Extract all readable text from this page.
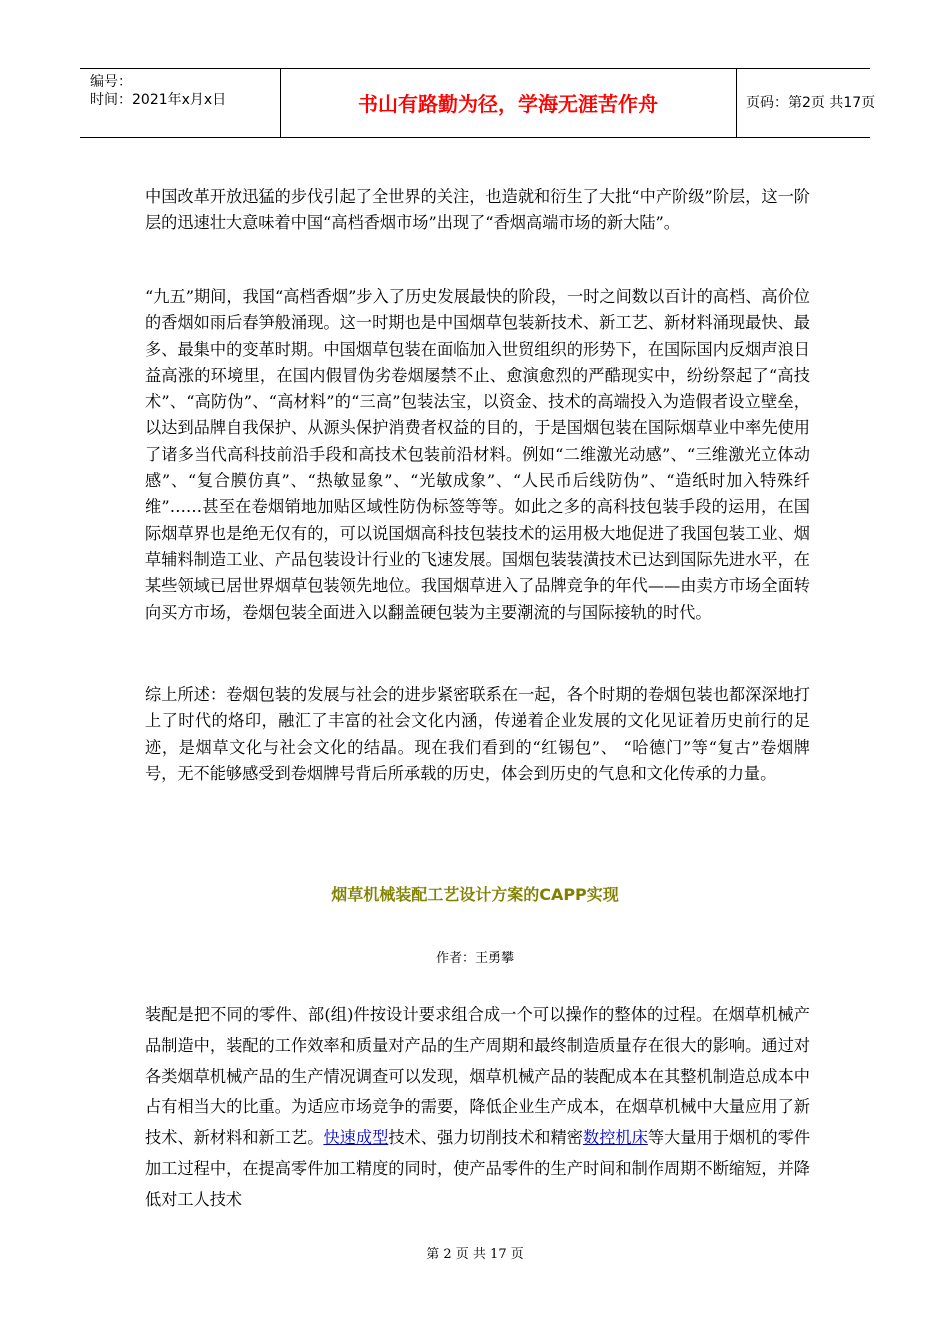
编号：
时间：2021年x月x日	书山有路勤为径，学海无涯苦作舟	页码：第2页 共17页

中国改革开放迅猛的步伐引起了全世界的关注，也造就和衍生了大批“中产阶级”阶层，这一阶层的迅速壮大意味着中国“高档香烟市场”出现了“香烟高端市场的新大陆”。

“九五”期间，我国“高档香烟”步入了历史发展最快的阶段，一时之间数以百计的高档、高价位的香烟如雨后春笋般涌现。这一时期也是中国烟草包装新技术、新工艺、新材料涌现最快、最多、最集中的变革时期。中国烟草包装在面临加入世贸组织的形势下，在国际国内反烟声浪日益高涨的环境里，在国内假冒伪劣卷烟屡禁不止、愈演愈烈的严酷现实中，纷纷祭起了“高技术”、“高防伪”、“高材料”的“三高”包装法宝，以资金、技术的高端投入为造假者设立壁垒，以达到品牌自我保护、从源头保护消费者权益的目的，于是国烟包装在国际烟草业中率先使用了诸多当代高科技前沿手段和高技术包装前沿材料。例如“二维激光动感”、“三维激光立体动感”、“复合膜仿真”、“热敏显象”、“光敏成象”、“人民币后线防伪”、“造纸时加入特殊纤维”……甚至在卷烟销地加贴区域性防伪标签等等。如此之多的高科技包装手段的运用，在国际烟草界也是绝无仅有的，可以说国烟高科技包装技术的运用极大地促进了我国包装工业、烟草辅料制造工业、产品包装设计行业的飞速发展。国烟包装装潢技术已达到国际先进水平，在某些领域已居世界烟草包装领先地位。我国烟草进入了品牌竞争的年代——由卖方市场全面转向买方市场，卷烟包装全面进入以翻盖硬包装为主要潮流的与国际接轨的时代。

综上所述：卷烟包装的发展与社会的进步紧密联系在一起，各个时期的卷烟包装也都深深地打上了时代的烙印，融汇了丰富的社会文化内涵，传递着企业发展的文化见证着历史前行的足迹，是烟草文化与社会文化的结晶。现在我们看到的“红锡包”、 “哈德门”等“复古”卷烟牌号，无不能够感受到卷烟牌号背后所承载的历史，体会到历史的气息和文化传承的力量。

烟草机械装配工艺设计方案的CAPP实现
作者：王勇攀

装配是把不同的零件、部(组)件按设计要求组合成一个可以操作的整体的过程。在烟草机械产品制造中，装配的工作效率和质量对产品的生产周期和最终制造质量存在很大的影响。通过对各类烟草机械产品的生产情况调查可以发现，烟草机械产品的装配成本在其整机制造总成本中占有相当大的比重。为适应市场竞争的需要，降低企业生产成本，在烟草机械中大量应用了新技术、新材料和新工艺。快速成型技术、强力切削技术和精密数控机床等大量用于烟机的零件加工过程中，在提高零件加工精度的同时，使产品零件的生产时间和制作周期不断缩短，并降低对工人技术

第 2 页 共 17 页
